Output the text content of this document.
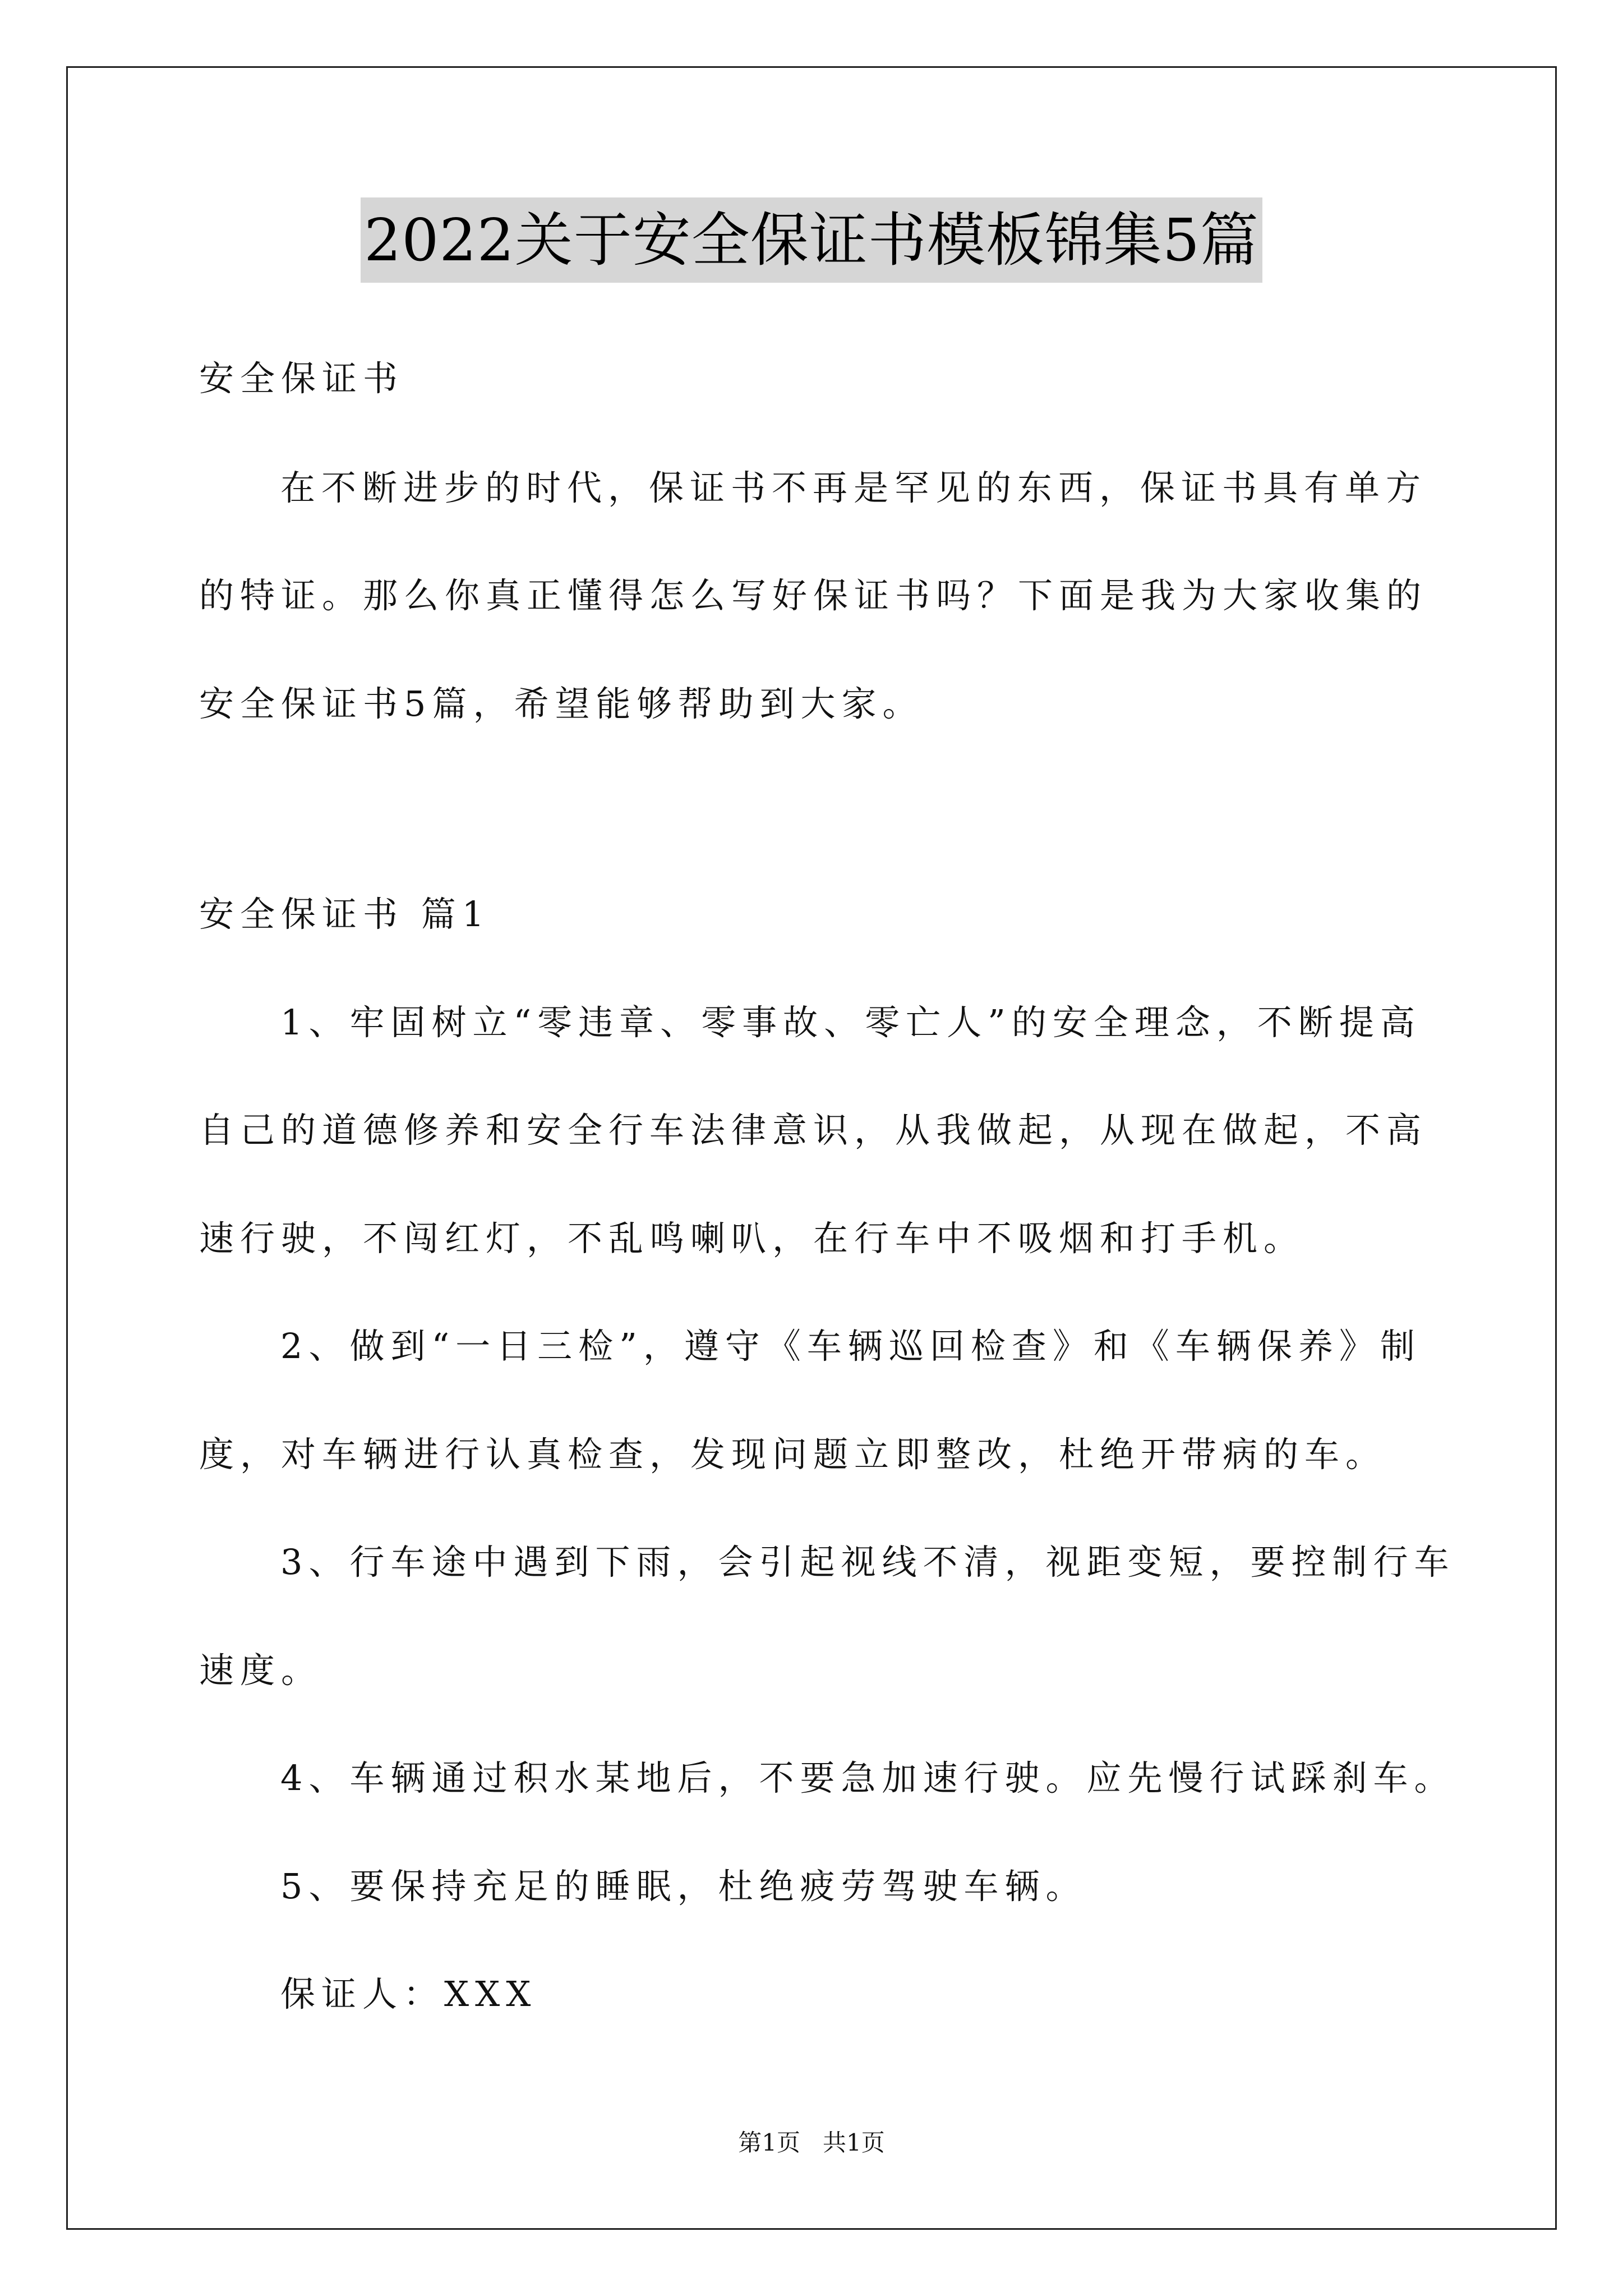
2022关于安全保证书模板锦集5篇
安全保证书
在不断进步的时代，保证书不再是罕见的东西，保证书具有单方
的特证。那么你真正懂得怎么写好保证书吗？下面是我为大家收集的
安全保证书5篇，希望能够帮助到大家。
安全保证书 篇1
1、牢固树立“零违章、零事故、零亡人”的安全理念，不断提高
自己的道德修养和安全行车法律意识，从我做起，从现在做起，不高
速行驶，不闯红灯，不乱鸣喇叭，在行车中不吸烟和打手机。
2、做到“一日三检”，遵守《车辆巡回检查》和《车辆保养》制
度，对车辆进行认真检查，发现问题立即整改，杜绝开带病的车。
3、行车途中遇到下雨，会引起视线不清，视距变短，要控制行车
速度。
4、车辆通过积水某地后，不要急加速行驶。应先慢行试踩刹车。
5、要保持充足的睡眠，杜绝疲劳驾驶车辆。
保证人：XXX
第1页   共1页
